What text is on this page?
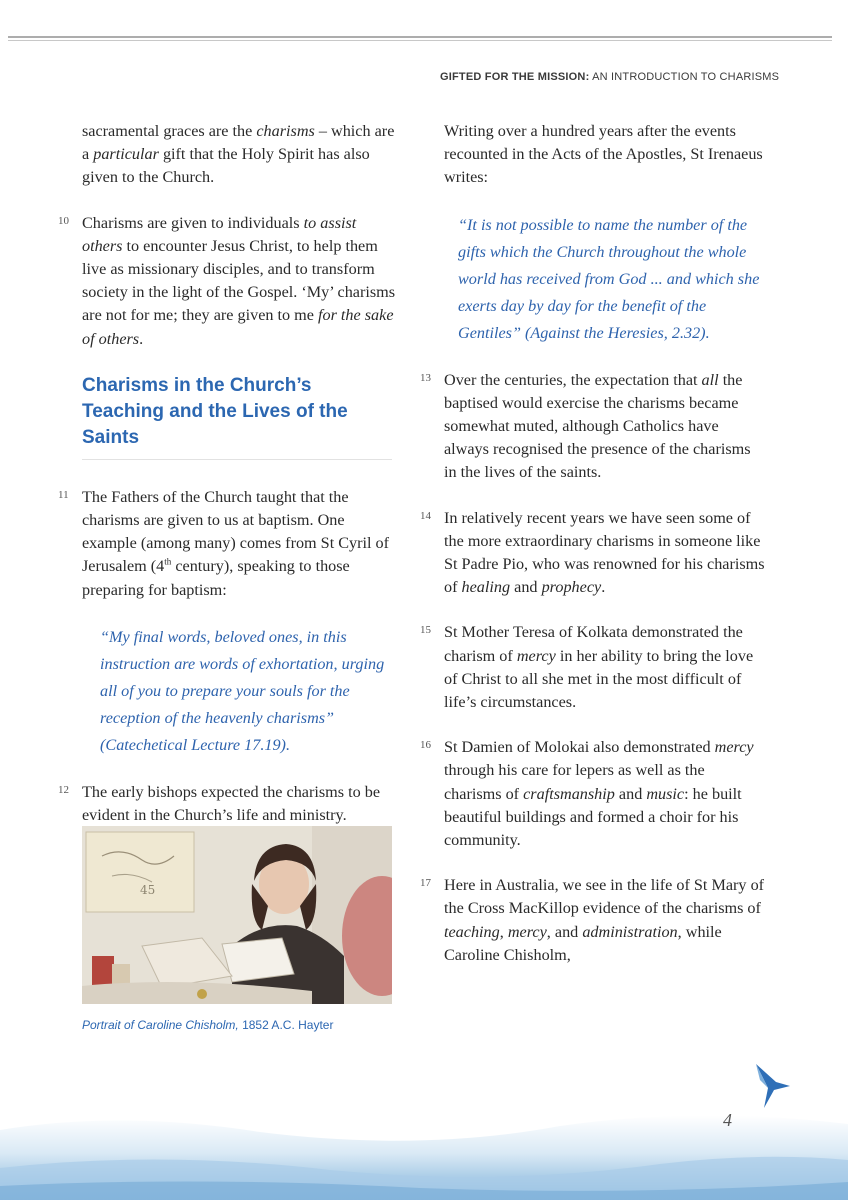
GIFTED FOR THE MISSION: AN INTRODUCTION TO CHARISMS

sacramental graces are the charisms – which are a particular gift that the Holy Spirit has also given to the Church.

10 Charisms are given to individuals to assist others to encounter Jesus Christ, to help them live as missionary disciples, and to transform society in the light of the Gospel. ‘My’ charisms are not for me; they are given to me for the sake of others.

Charisms in the Church’s Teaching and the Lives of the Saints
11 The Fathers of the Church taught that the charisms are given to us at baptism. One example (among many) comes from St Cyril of Jerusalem (4th century), speaking to those preparing for baptism:

“My final words, beloved ones, in this instruction are words of exhortation, urging all of you to prepare your souls for the reception of the heavenly charisms” (Catechetical Lecture 17.19).

12 The early bishops expected the charisms to be evident in the Church’s life and ministry.

45
Portrait of Caroline Chisholm, 1852 A.C. Hayter

Writing over a hundred years after the events recounted in the Acts of the Apostles, St Irenaeus writes:

“It is not possible to name the number of the gifts which the Church throughout the whole world has received from God ... and which she exerts day by day for the benefit of the Gentiles” (Against the Heresies, 2.32).

13 Over the centuries, the expectation that all the baptised would exercise the charisms became somewhat muted, although Catholics have always recognised the presence of the charisms in the lives of the saints.

14 In relatively recent years we have seen some of the more extraordinary charisms in someone like St Padre Pio, who was renowned for his charisms of healing and prophecy.

15 St Mother Teresa of Kolkata demonstrated the charism of mercy in her ability to bring the love of Christ to all she met in the most difficult of life’s circumstances.

16 St Damien of Molokai also demonstrated mercy through his care for lepers as well as the charisms of craftsmanship and music: he built beautiful buildings and formed a choir for his community.

17 Here in Australia, we see in the life of St Mary of the Cross MacKillop evidence of the charisms of teaching, mercy, and administration, while Caroline Chisholm,

4
